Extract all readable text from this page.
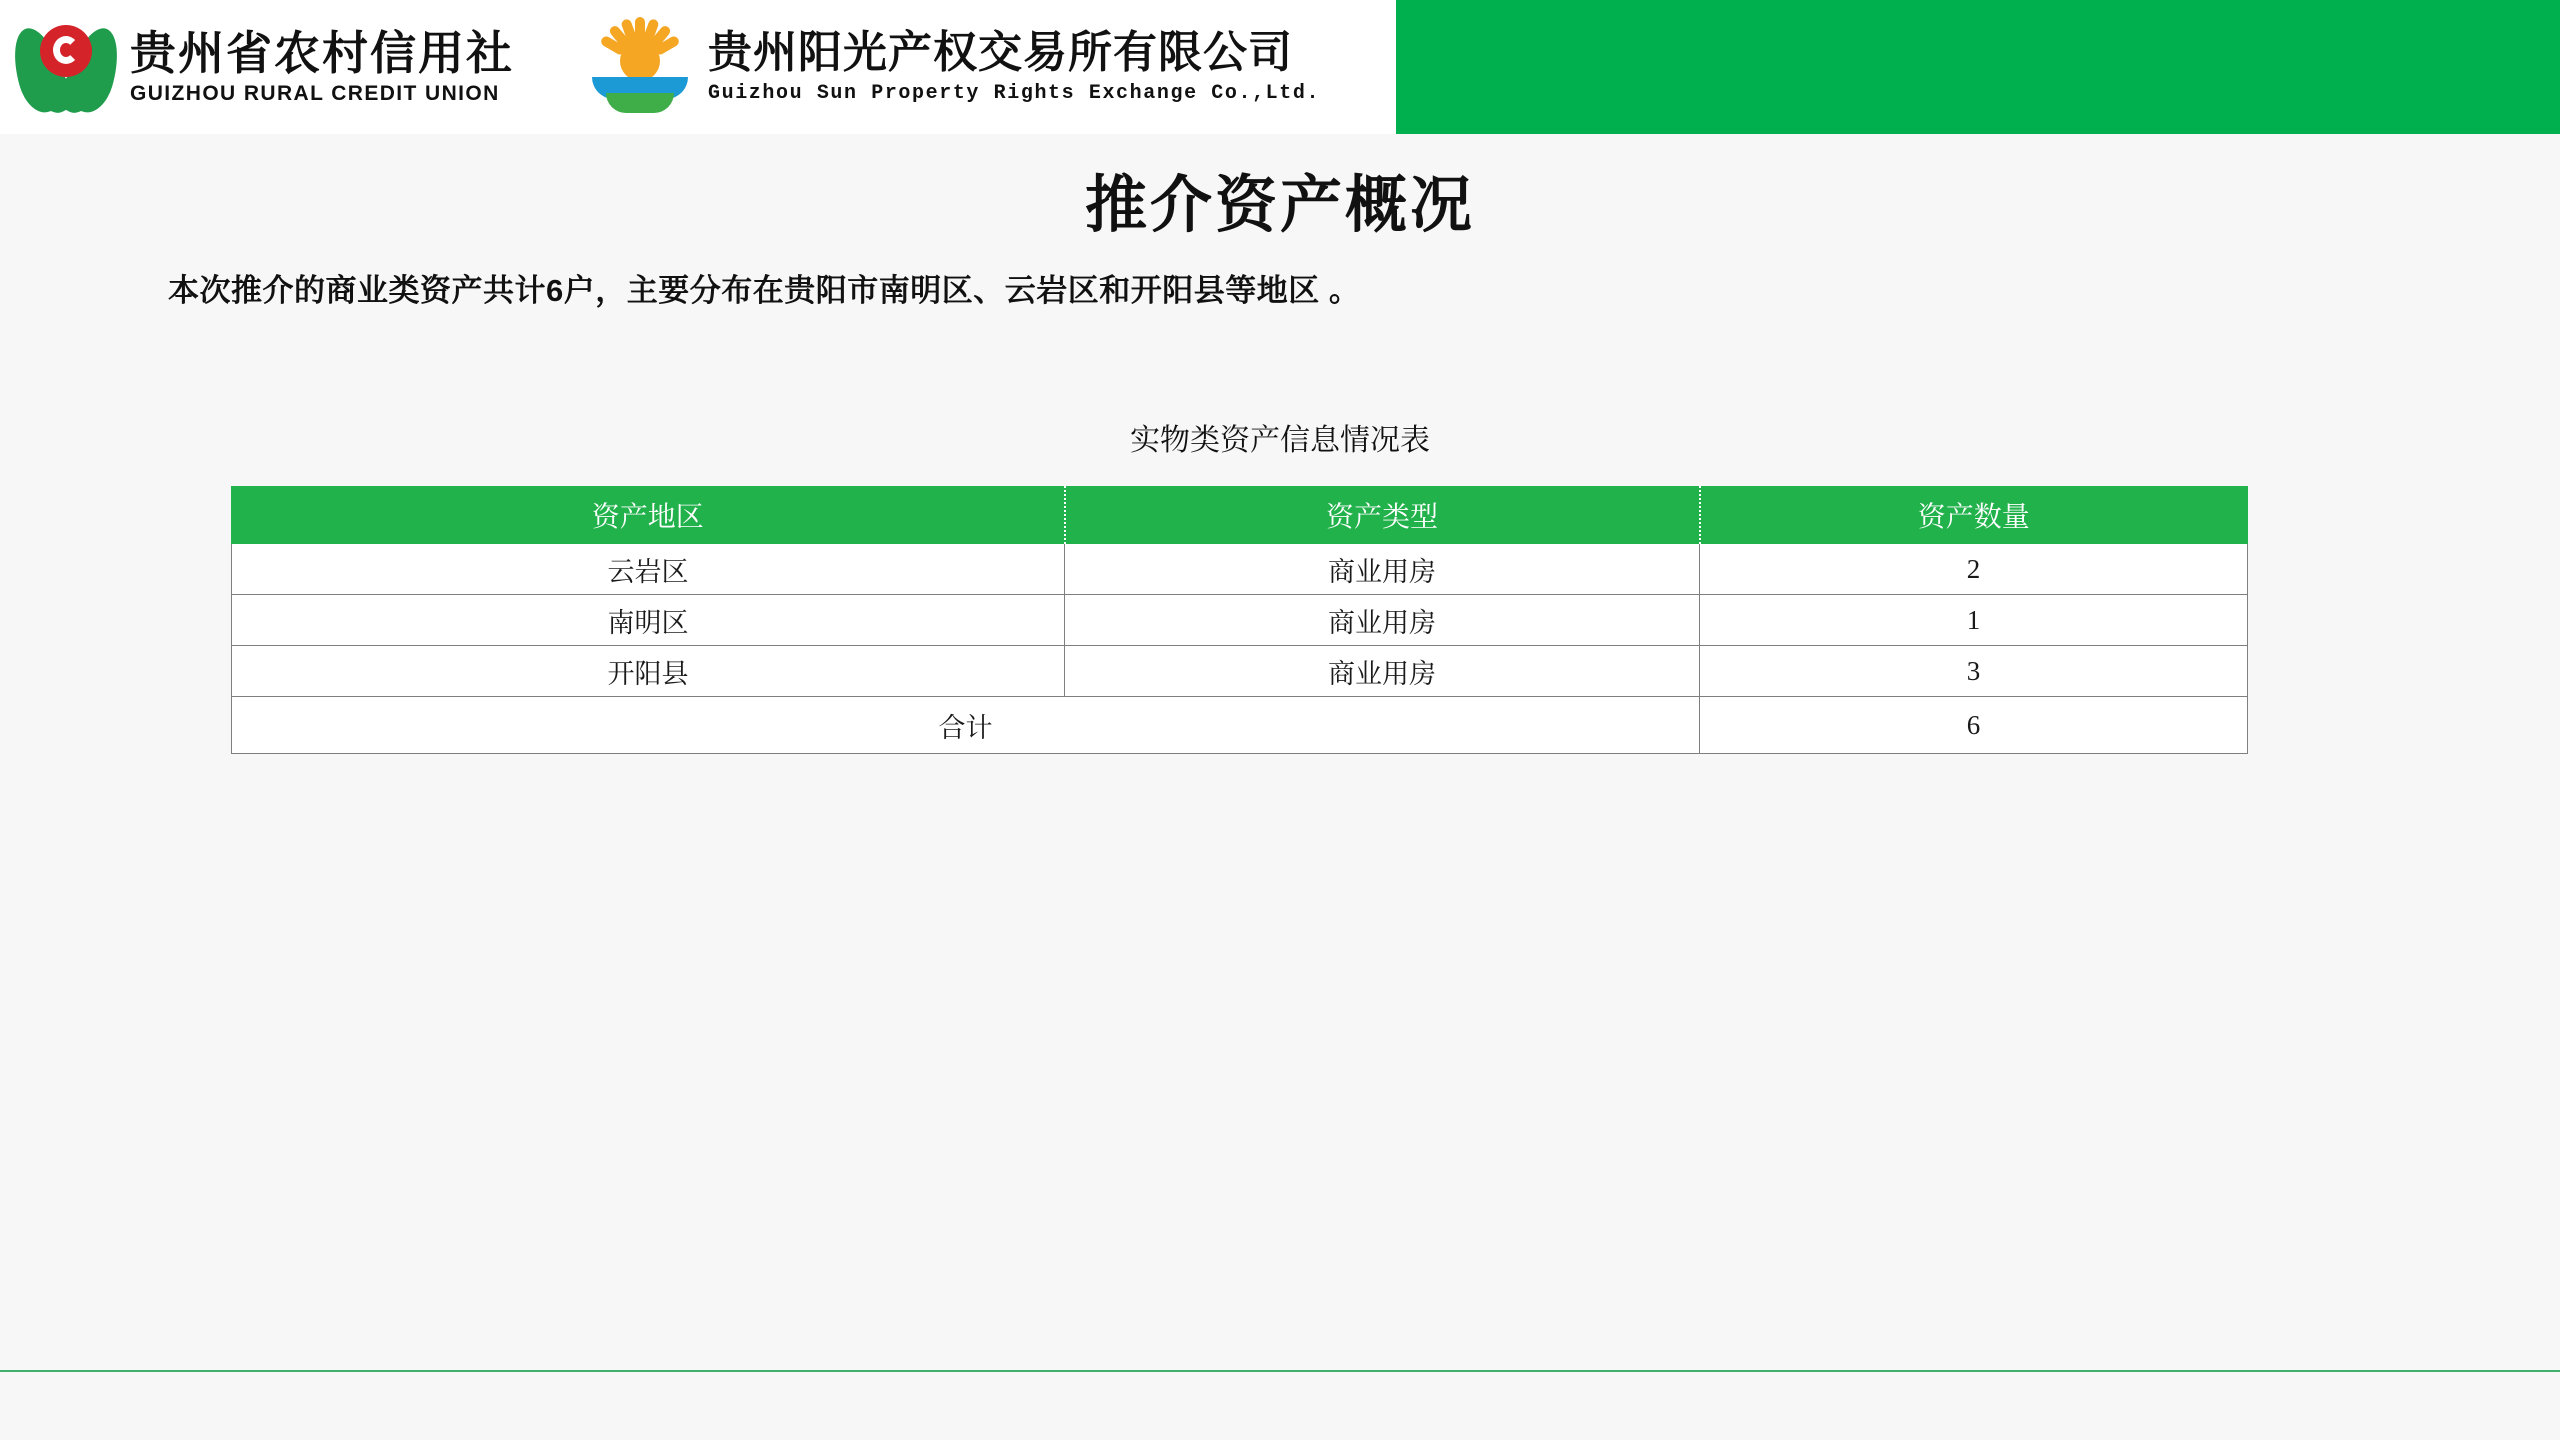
贵州省农村信用社
GUIZHOU RURAL CREDIT UNION
贵州阳光产权交易所有限公司
Guizhou Sun Property Rights Exchange Co.,Ltd.
推介资产概况
本次推介的商业类资产共计6户，主要分布在贵阳市南明区、云岩区和开阳县等地区 。
实物类资产信息情况表
资产地区	资产类型	资产数量
云岩区	商业用房	2
南明区	商业用房	1
开阳县	商业用房	3
合计		6
